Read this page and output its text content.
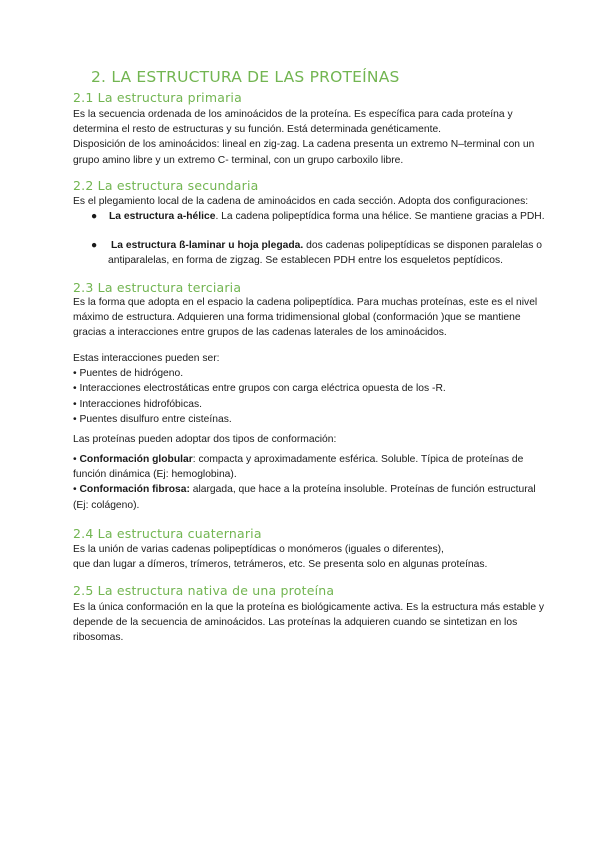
2. LA ESTRUCTURA DE LAS PROTEÍNAS
2.1 La estructura primaria
Es la secuencia ordenada de los aminoácidos de la proteína. Es específica para cada proteína y
determina el resto de estructuras y su función. Está determinada genéticamente.
Disposición de los aminoácidos: lineal en zig-zag. La cadena presenta un extremo N–terminal con un
grupo amino libre y un extremo C- terminal, con un grupo carboxilo libre.
2.2 La estructura secundaria
Es el plegamiento local de la cadena de aminoácidos en cada sección. Adopta dos configuraciones:
● La estructura a-hélice. La cadena polipeptídica forma una hélice. Se mantiene gracias a PDH.
● La estructura ß-laminar u hoja plegada. dos cadenas polipeptídicas se disponen paralelas o
antiparalelas, en forma de zigzag. Se establecen PDH entre los esqueletos peptídicos.
2.3 La estructura terciaria
Es la forma que adopta en el espacio la cadena polipeptídica. Para muchas proteínas, este es el nivel
máximo de estructura. Adquieren una forma tridimensional global (conformación )que se mantiene
gracias a interacciones entre grupos de las cadenas laterales de los aminoácidos.
Estas interacciones pueden ser:
• Puentes de hidrógeno.
• Interacciones electrostáticas entre grupos con carga eléctrica opuesta de los -R.
• Interacciones hidrofóbicas.
• Puentes disulfuro entre cisteínas.
Las proteínas pueden adoptar dos tipos de conformación:
• Conformación globular: compacta y aproximadamente esférica. Soluble. Típica de proteínas de
función dinámica (Ej: hemoglobina).
• Conformación fibrosa: alargada, que hace a la proteína insoluble. Proteínas de función estructural
(Ej: colágeno).
2.4 La estructura cuaternaria
Es la unión de varias cadenas polipeptídicas o monómeros (iguales o diferentes),
que dan lugar a dímeros, trímeros, tetrámeros, etc. Se presenta solo en algunas proteínas.
2.5 La estructura nativa de una proteína
Es la única conformación en la que la proteína es biológicamente activa. Es la estructura más estable y
depende de la secuencia de aminoácidos. Las proteínas la adquieren cuando se sintetizan en los
ribosomas.
